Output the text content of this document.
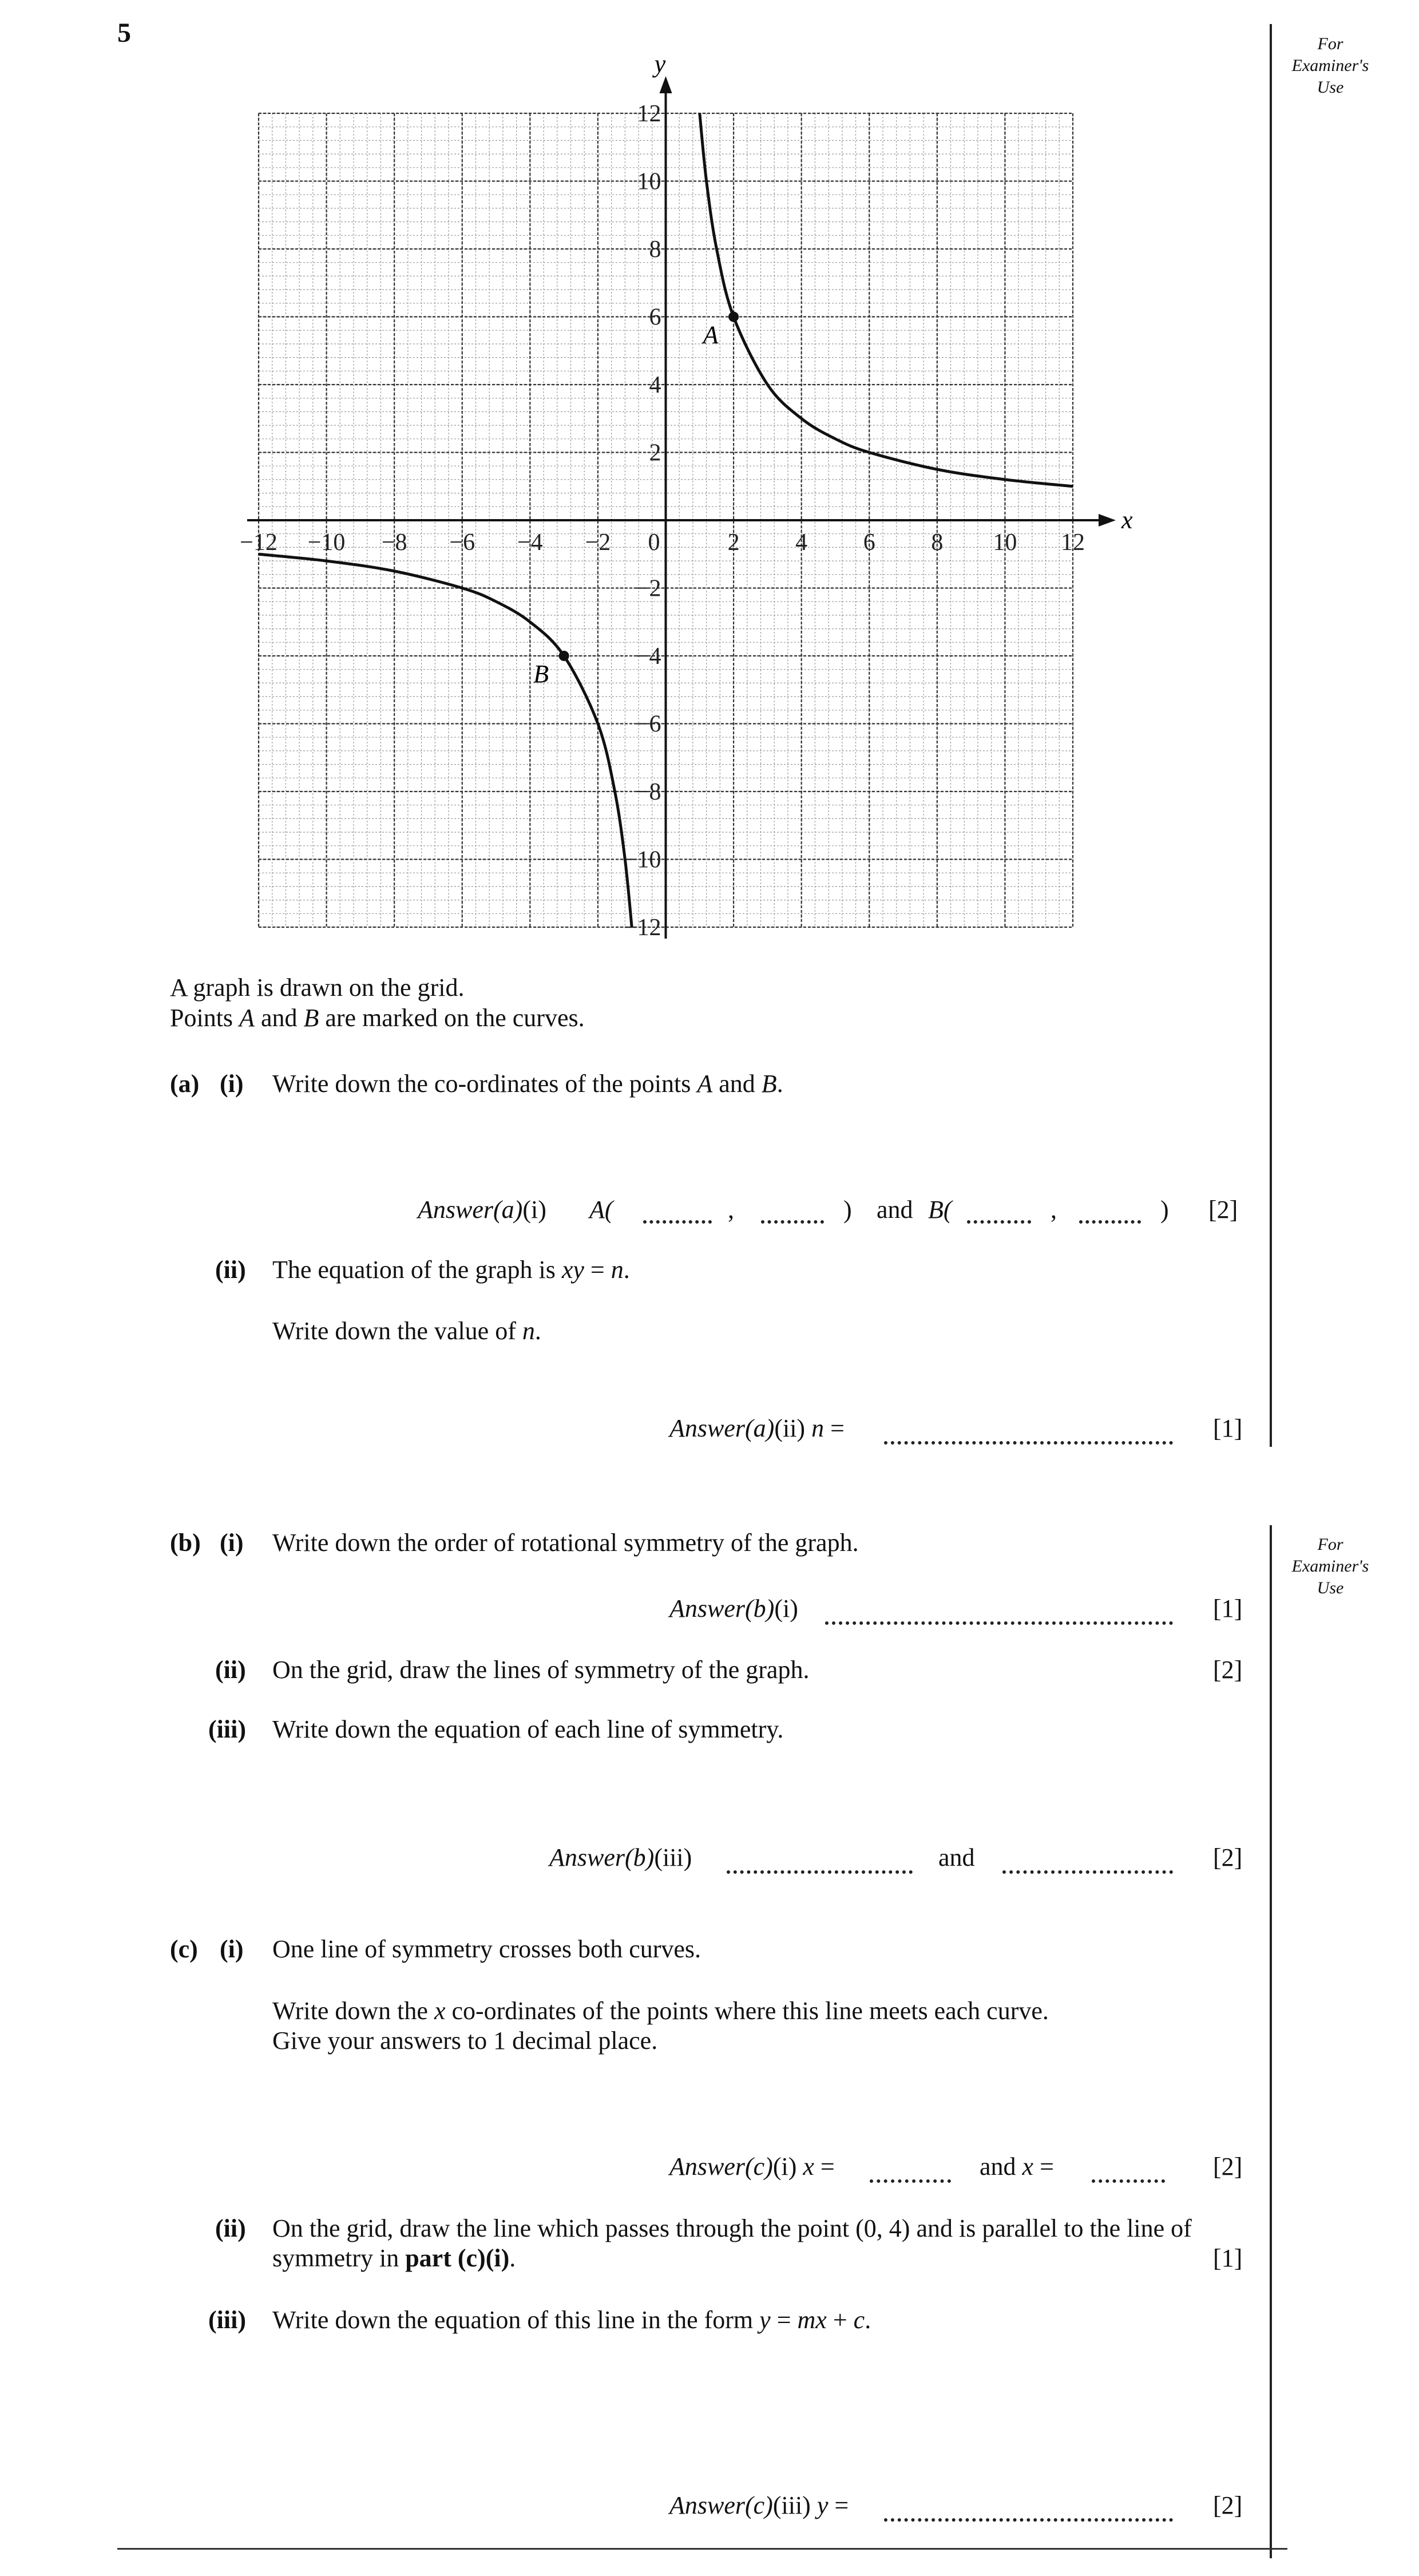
5	For
Examiner's
Use
For
Examiner's
Use
x
y
−12 −10 −8 −6 −4 −2 0	2 4 6 8 10 12
12
10
8
6
4
2
−2
−4
−6
−8
−10
−12
A
B
A graph is drawn on the grid.
Points A and B are marked on the curves.
(a) (i) Write down the co-ordinates of the points A and B.
Answer(a)(i) A(	,	) and B(	,	) [2]
(ii) The equation of the graph is xy = n.
Write down the value of n.
Answer(a)(ii) n =	[1]
(b) (i) Write down the order of rotational symmetry of the graph.
Answer(b)(i)	[1]
(ii) On the grid, draw the lines of symmetry of the graph.	[2]
(iii) Write down the equation of each line of symmetry.
Answer(b)(iii)	and	[2]
(c) (i) One line of symmetry crosses both curves.
Write down the x co-ordinates of the points where this line meets each curve.
Give your answers to 1 decimal place.
Answer(c)(i) x =	and x =	[2]
(ii) On the grid, draw the line which passes through the point (0, 4) and is parallel to the line of
symmetry in part (c)(i).	[1]
(iii) Write down the equation of this line in the form y = mx + c.
Answer(c)(iii) y =	[2]
